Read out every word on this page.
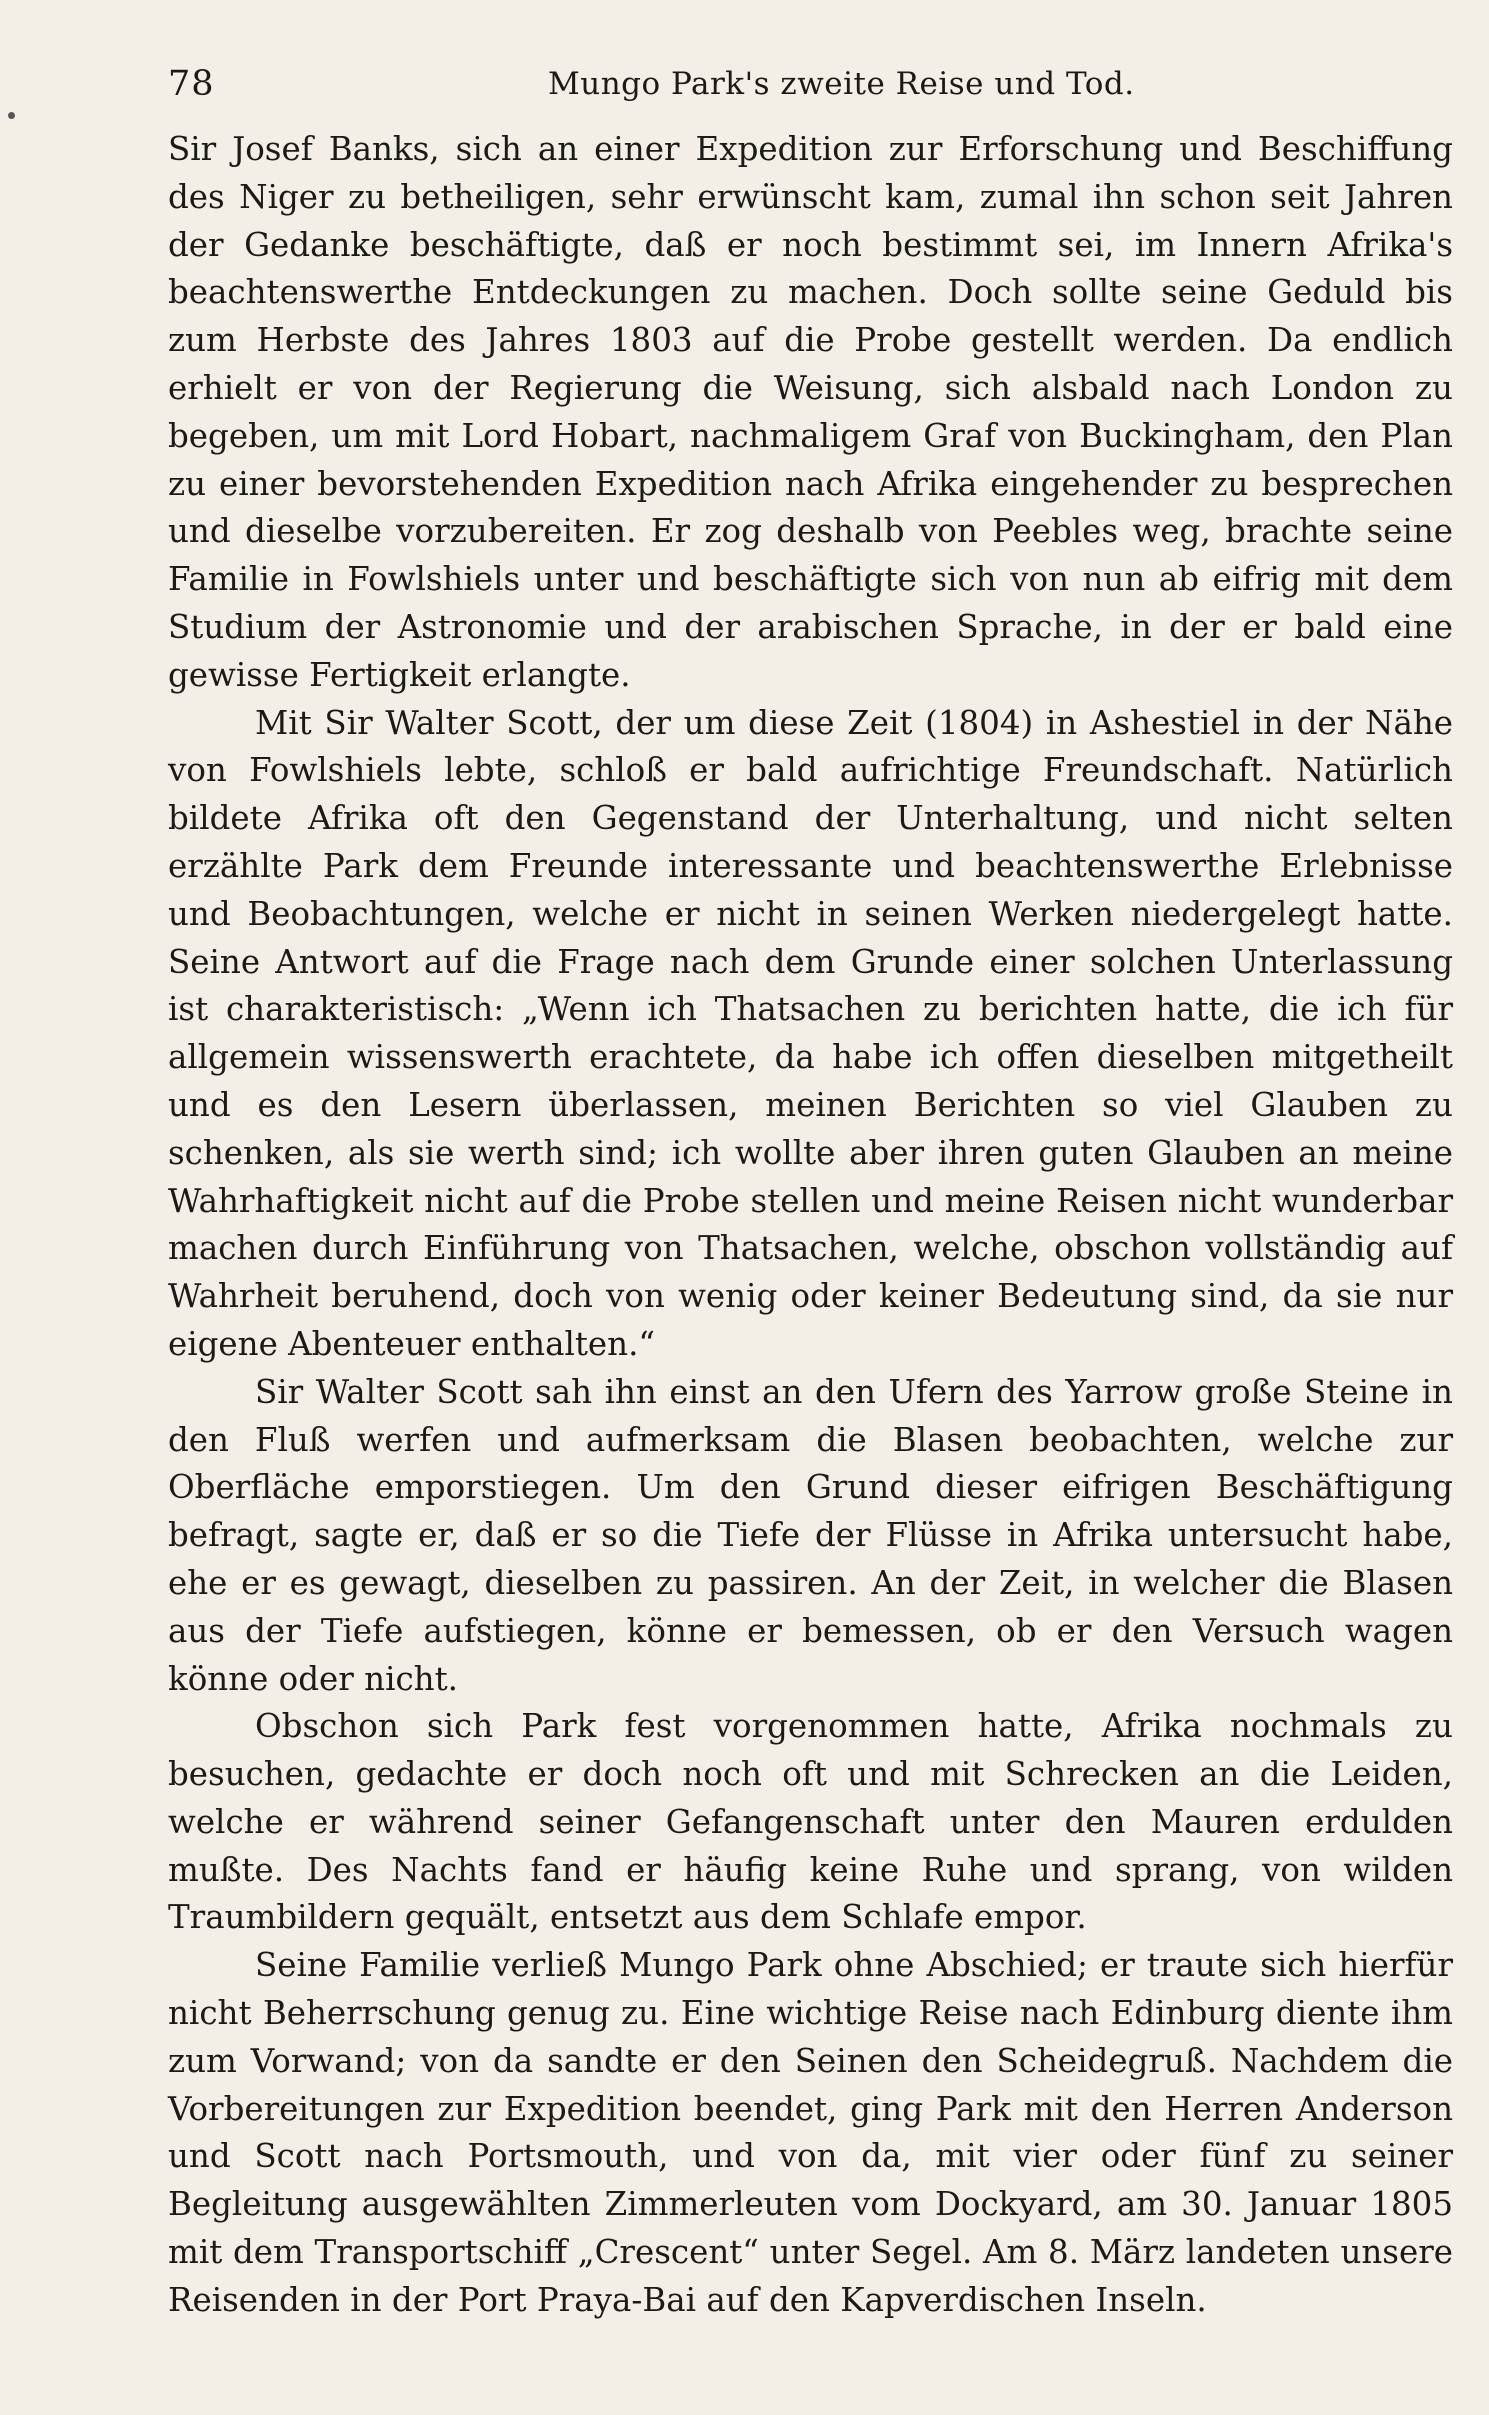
78	Mungo Park's zweite Reise und Tod.

Sir Josef Banks, sich an einer Expedition zur Erforschung und Beschiffung des Niger zu betheiligen, sehr erwünscht kam, zumal ihn schon seit Jahren der Gedanke beschäftigte, daß er noch bestimmt sei, im Innern Afrika's beachtenswerthe Entdeckungen zu machen. Doch sollte seine Geduld bis zum Herbste des Jahres 1803 auf die Probe gestellt werden. Da endlich erhielt er von der Regierung die Weisung, sich alsbald nach London zu begeben, um mit Lord Hobart, nachmaligem Graf von Buckingham, den Plan zu einer bevorstehenden Expedition nach Afrika eingehender zu besprechen und dieselbe vorzubereiten. Er zog deshalb von Peebles weg, brachte seine Familie in Fowlshiels unter und beschäftigte sich von nun ab eifrig mit dem Studium der Astronomie und der arabischen Sprache, in der er bald eine gewisse Fertigkeit erlangte.

Mit Sir Walter Scott, der um diese Zeit (1804) in Ashestiel in der Nähe von Fowlshiels lebte, schloß er bald aufrichtige Freundschaft. Natürlich bildete Afrika oft den Gegenstand der Unterhaltung, und nicht selten erzählte Park dem Freunde interessante und beachtenswerthe Erlebnisse und Beobachtungen, welche er nicht in seinen Werken niedergelegt hatte. Seine Antwort auf die Frage nach dem Grunde einer solchen Unterlassung ist charakteristisch: „Wenn ich Thatsachen zu berichten hatte, die ich für allgemein wissenswerth erachtete, da habe ich offen dieselben mitgetheilt und es den Lesern überlassen, meinen Berichten so viel Glauben zu schenken, als sie werth sind; ich wollte aber ihren guten Glauben an meine Wahrhaftigkeit nicht auf die Probe stellen und meine Reisen nicht wunderbar machen durch Einführung von Thatsachen, welche, obschon vollständig auf Wahrheit beruhend, doch von wenig oder keiner Bedeutung sind, da sie nur eigene Abenteuer enthalten.“

Sir Walter Scott sah ihn einst an den Ufern des Yarrow große Steine in den Fluß werfen und aufmerksam die Blasen beobachten, welche zur Oberfläche emporstiegen. Um den Grund dieser eifrigen Beschäftigung befragt, sagte er, daß er so die Tiefe der Flüsse in Afrika untersucht habe, ehe er es gewagt, dieselben zu passiren. An der Zeit, in welcher die Blasen aus der Tiefe aufstiegen, könne er bemessen, ob er den Versuch wagen könne oder nicht.

Obschon sich Park fest vorgenommen hatte, Afrika nochmals zu besuchen, gedachte er doch noch oft und mit Schrecken an die Leiden, welche er während seiner Gefangenschaft unter den Mauren erdulden mußte. Des Nachts fand er häufig keine Ruhe und sprang, von wilden Traumbildern gequält, entsetzt aus dem Schlafe empor.

Seine Familie verließ Mungo Park ohne Abschied; er traute sich hierfür nicht Beherrschung genug zu. Eine wichtige Reise nach Edinburg diente ihm zum Vorwand; von da sandte er den Seinen den Scheidegruß. Nachdem die Vorbereitungen zur Expedition beendet, ging Park mit den Herren Anderson und Scott nach Portsmouth, und von da, mit vier oder fünf zu seiner Begleitung ausgewählten Zimmerleuten vom Dockyard, am 30. Januar 1805 mit dem Transportschiff „Crescent“ unter Segel. Am 8. März landeten unsere Reisenden in der Port Praya-Bai auf den Kapverdischen Inseln.
